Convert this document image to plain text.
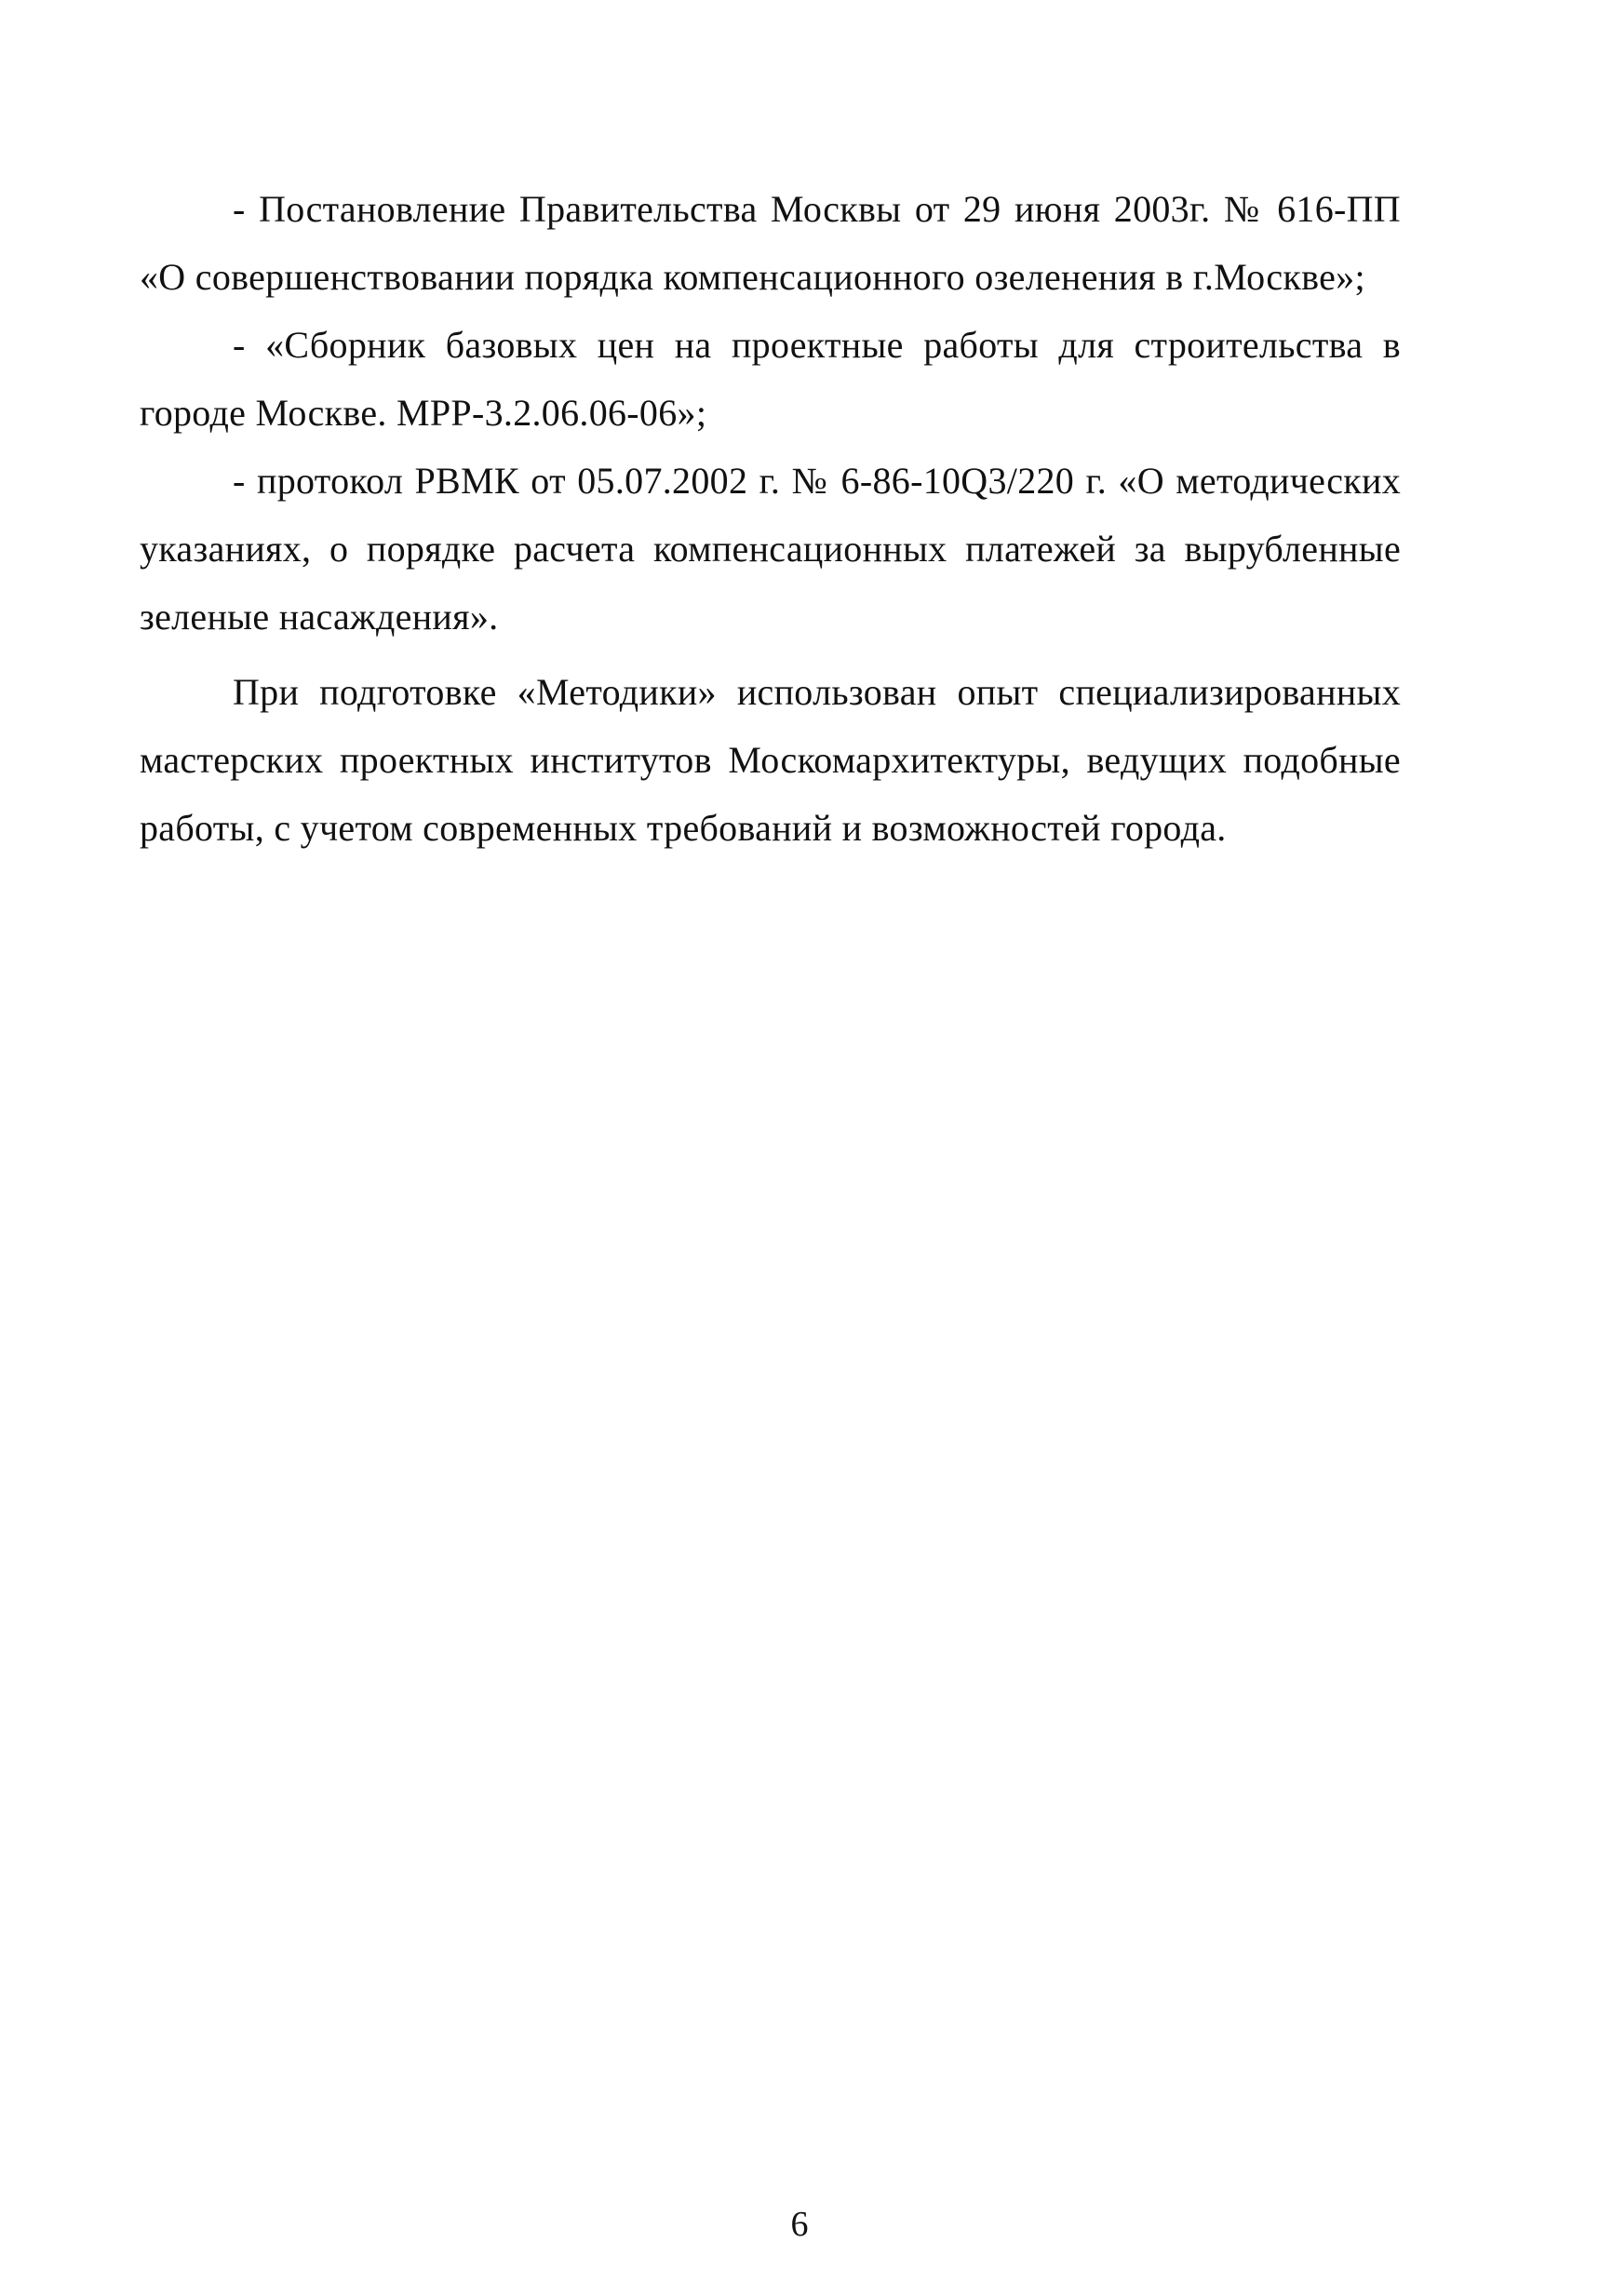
- Постановление Правительства Москвы от 29 июня 2003г. № 616-ПП «О совершенствовании порядка компенсационного озеленения в г.Москве»;

- «Сборник базовых цен на проектные работы для строительства в городе Москве. МРР-3.2.06.06-06»;

- протокол РВМК от 05.07.2002 г. № 6-86-10Q3/220 г. «О методических указаниях, о порядке расчета компенсационных платежей за вырубленные зеленые насаждения».

При подготовке «Методики» использован опыт специализированных мастерских проектных институтов Москомархитектуры, ведущих подобные работы, с учетом современных требований и возможностей города.

6
